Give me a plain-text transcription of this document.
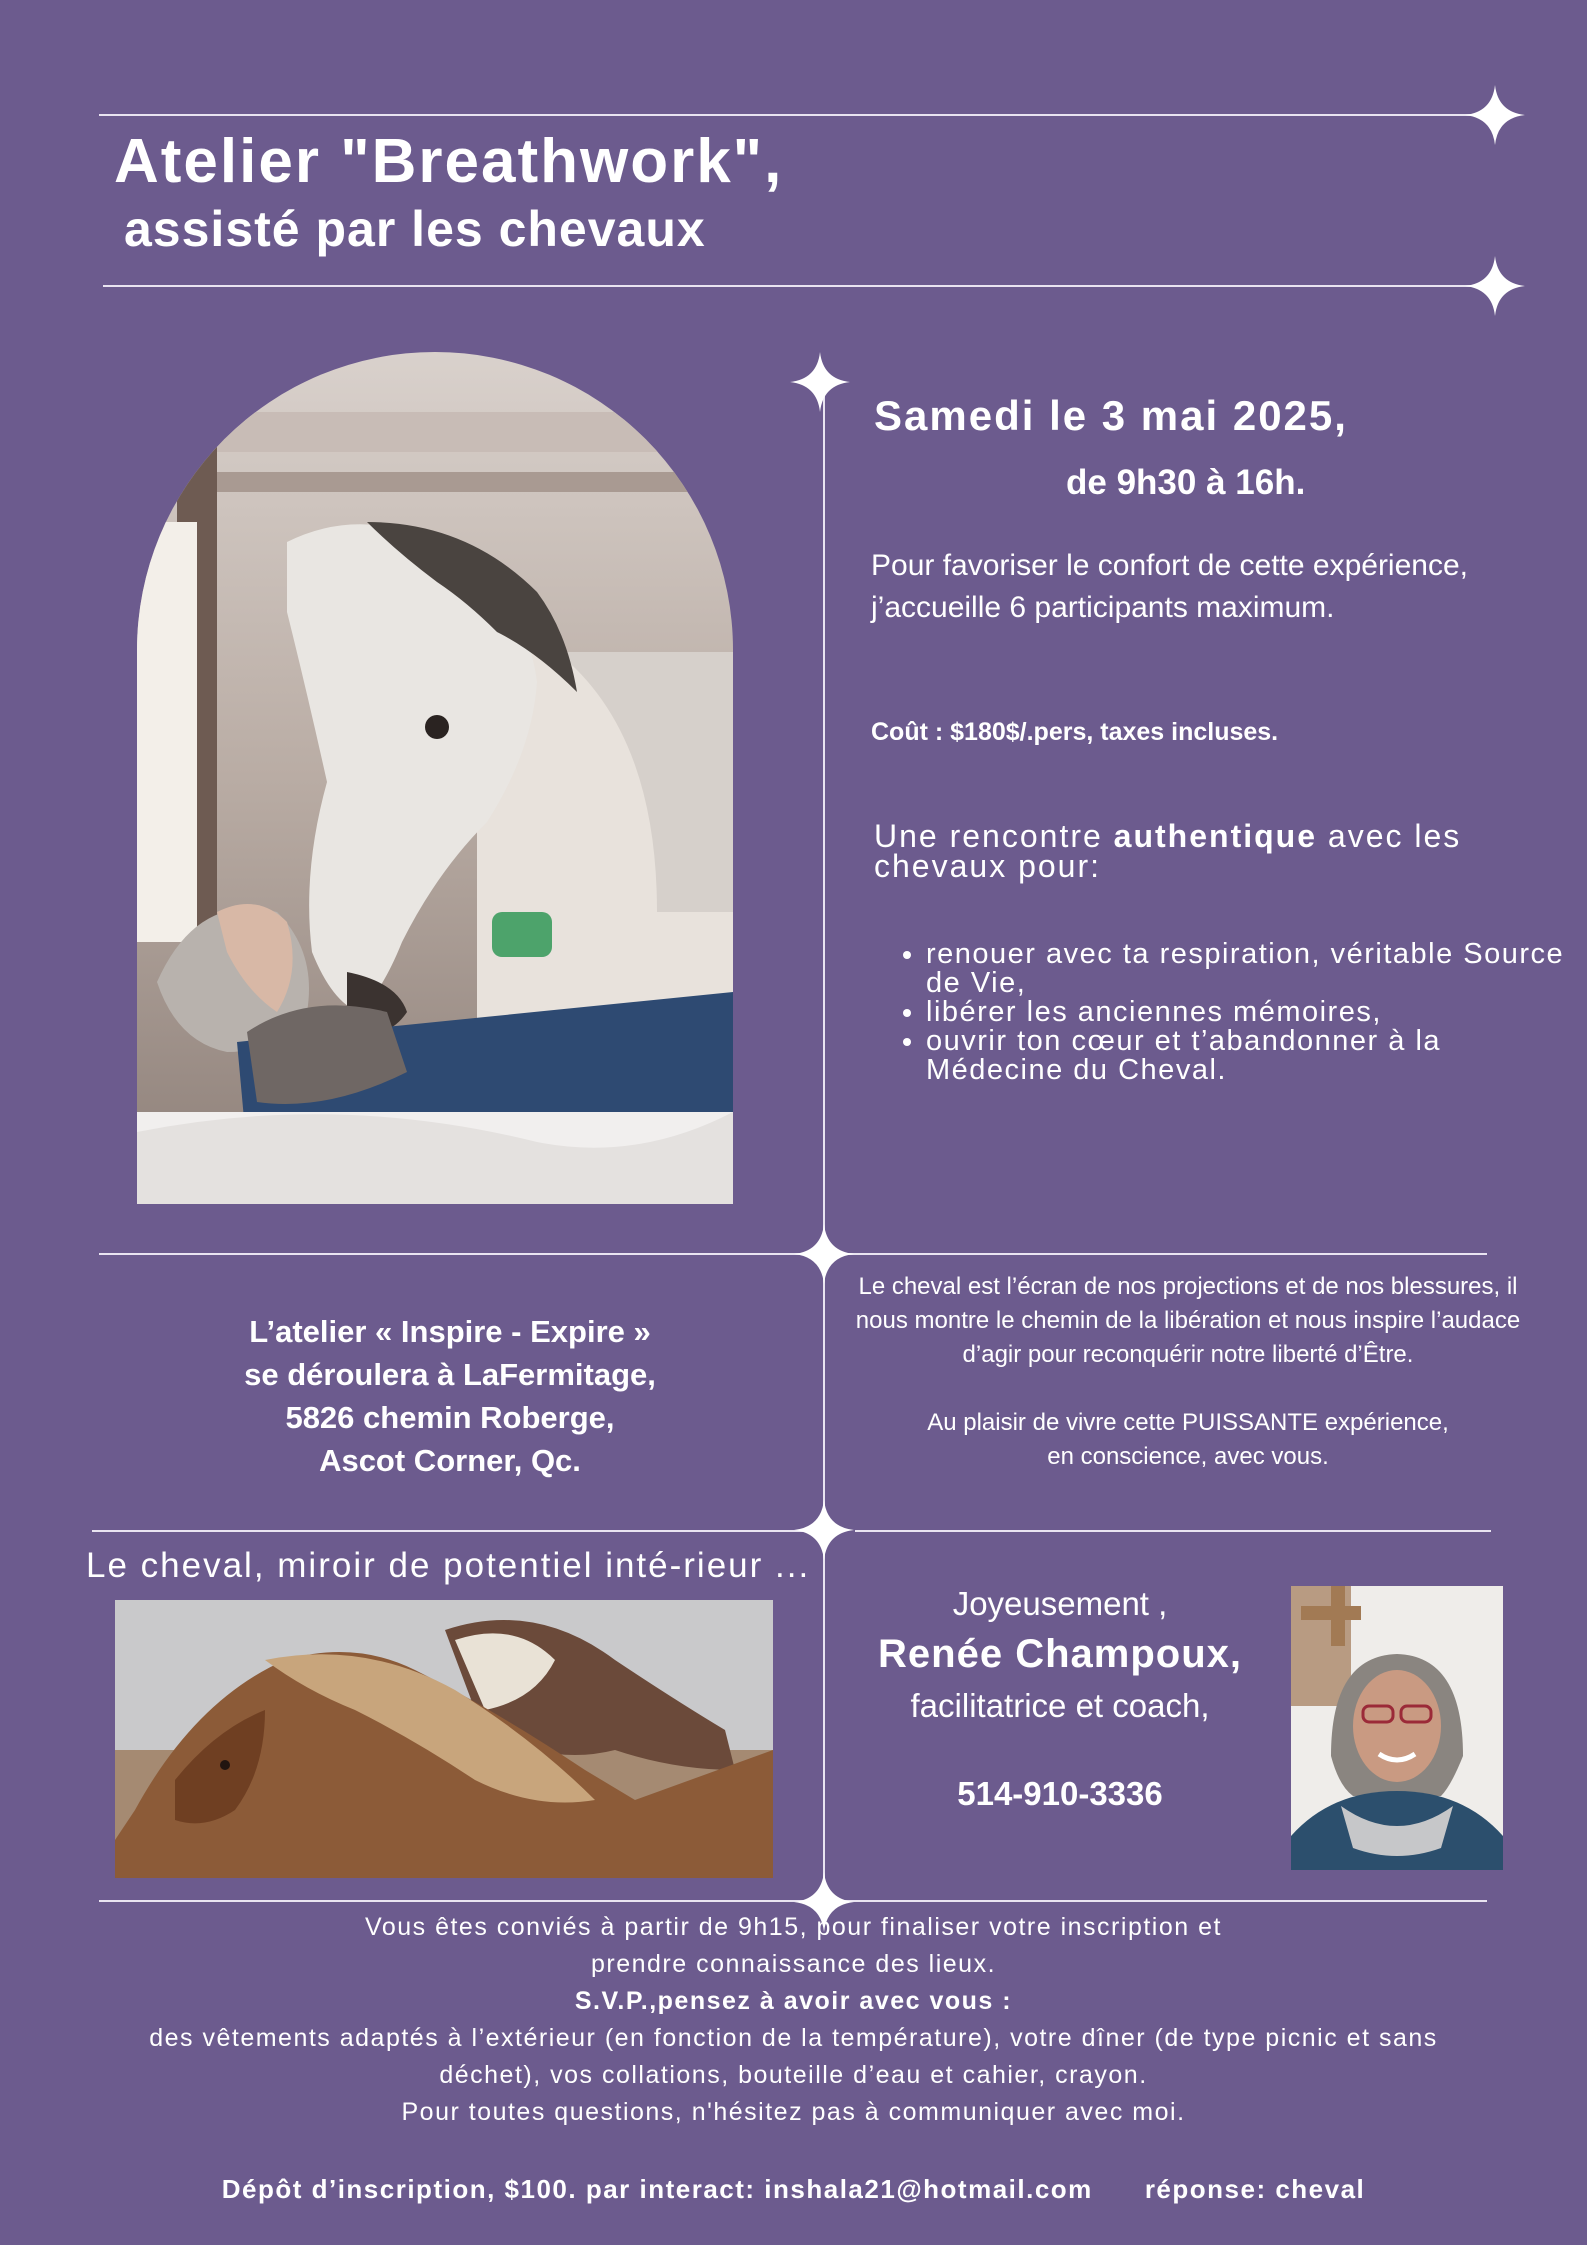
Atelier "Breathwork",
assisté par les chevaux
Samedi le 3 mai 2025,
de 9h30 à 16h.
Pour favoriser le confort de cette expérience, j’accueille 6 participants maximum.
Coût : $180$/.pers, taxes incluses.
Une rencontre authentique avec les chevaux pour:
• renouer avec ta respiration, véritable Source de Vie,
• libérer les anciennes mémoires,
• ouvrir ton cœur et t’abandonner à la Médecine du Cheval.
L’atelier « Inspire - Expire »
se déroulera à LaFermitage,
5826 chemin Roberge,
Ascot Corner, Qc.
Le cheval est l’écran de nos projections et de nos blessures, il nous montre le chemin de la libération et nous inspire l’audace d’agir pour reconquérir notre liberté d’Être.
Au plaisir de vivre cette PUISSANTE expérience,
en conscience, avec vous.
Le cheval, miroir de potentiel inté-rieur ...
Joyeusement ,
Renée Champoux,
facilitatrice et coach,
514-910-3336
Vous êtes conviés à partir de 9h15, pour finaliser votre inscription et
prendre connaissance des lieux.
S.V.P.,pensez à avoir avec vous :
des vêtements adaptés à l’extérieur (en fonction de la température), votre dîner (de type picnic et sans
déchet), vos collations, bouteille d’eau et cahier, crayon.
Pour toutes questions, n'hésitez pas à communiquer avec moi.
Dépôt d’inscription, $100. par interact: inshala21@hotmail.com réponse: cheval
